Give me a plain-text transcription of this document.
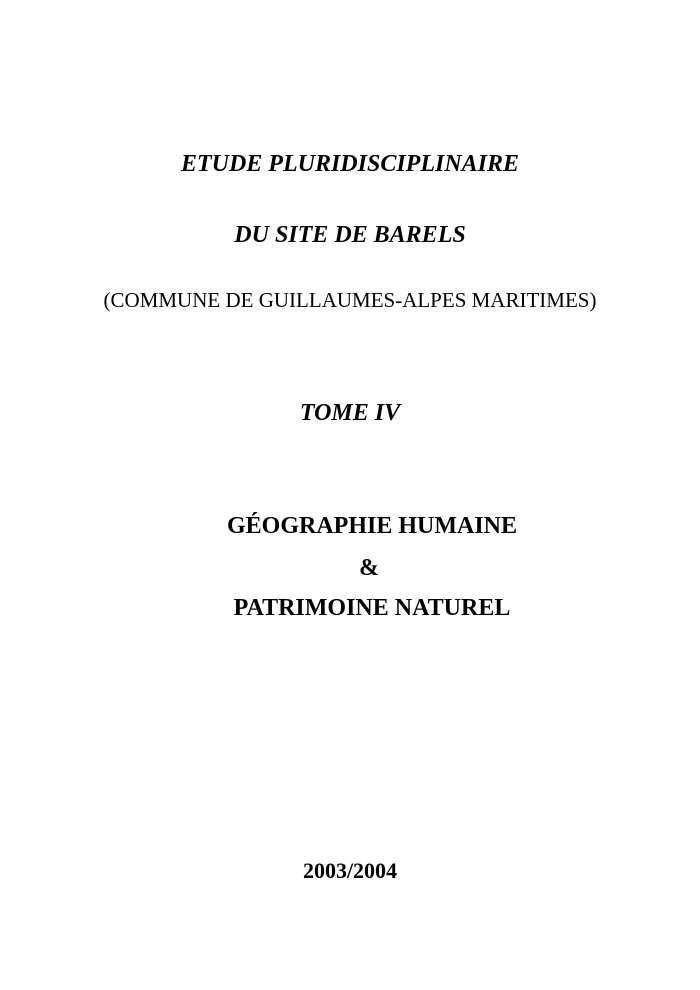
ETUDE PLURIDISCIPLINAIRE
DU SITE DE BARELS
(COMMUNE DE GUILLAUMES-ALPES MARITIMES)
TOME IV
GÉOGRAPHIE HUMAINE
&
PATRIMOINE NATUREL
2003/2004
